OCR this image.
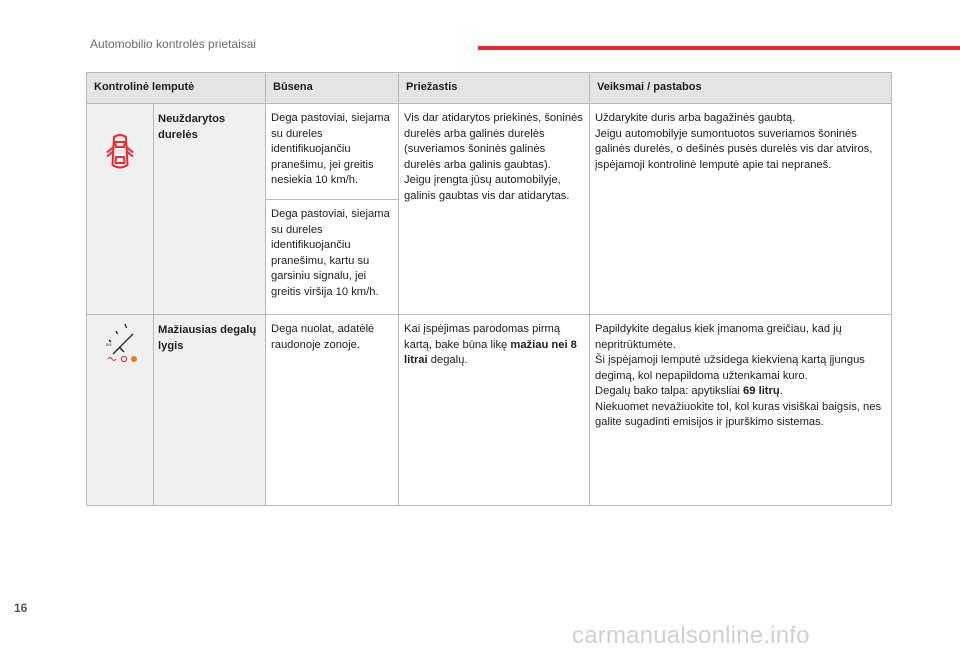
Automobilio kontrolės prietaisai
Kontrolinė lemputė		Būsena	Priežastis	Veiksmai / pastabos

	Neuždarytos durelės	Dega pastoviai, siejama su dureles identifikuojančiu pranešimu, jei greitis nesiekia 10 km/h.	Vis dar atidarytos priekinės, šoninės durelės arba galinės durelės (suveriamos šoninės galinės durelės arba galinis gaubtas).
Jeigu įrengta jūsų automobilyje, galinis gaubtas vis dar atidarytas.	Uždarykite duris arba bagažinės gaubtą.
Jeigu automobilyje sumontuotos suveriamos šoninės galinės durelės, o dešinės pusės durelės vis dar atviros, įspėjamoji kontrolinė lemputė apie tai nepraneš.
		Dega pastoviai, siejama su dureles identifikuojančiu pranešimu, kartu su garsiniu signalu, jei greitis viršija 10 km/h.		

0/4	Mažiausias degalų lygis	Dega nuolat, adatėlė raudonoje zonoje.	Kai įspėjimas parodomas pirmą kartą, bake būna likę mažiau nei 8 litrai degalų.	Papildykite degalus kiek įmanoma greičiau, kad jų nepritrūktumėte.
Ši įspėjamoji lemputė užsidega kiekvieną kartą įjungus degimą, kol nepapildoma užtenkamai kuro.
Degalų bako talpa: apytiksliai 69 litrų.
Niekuomet nevažiuokite tol, kol kuras visiškai baigsis, nes galite sugadinti emisijos ir įpurškimo sistemas.
16
carmanualsonline.info
